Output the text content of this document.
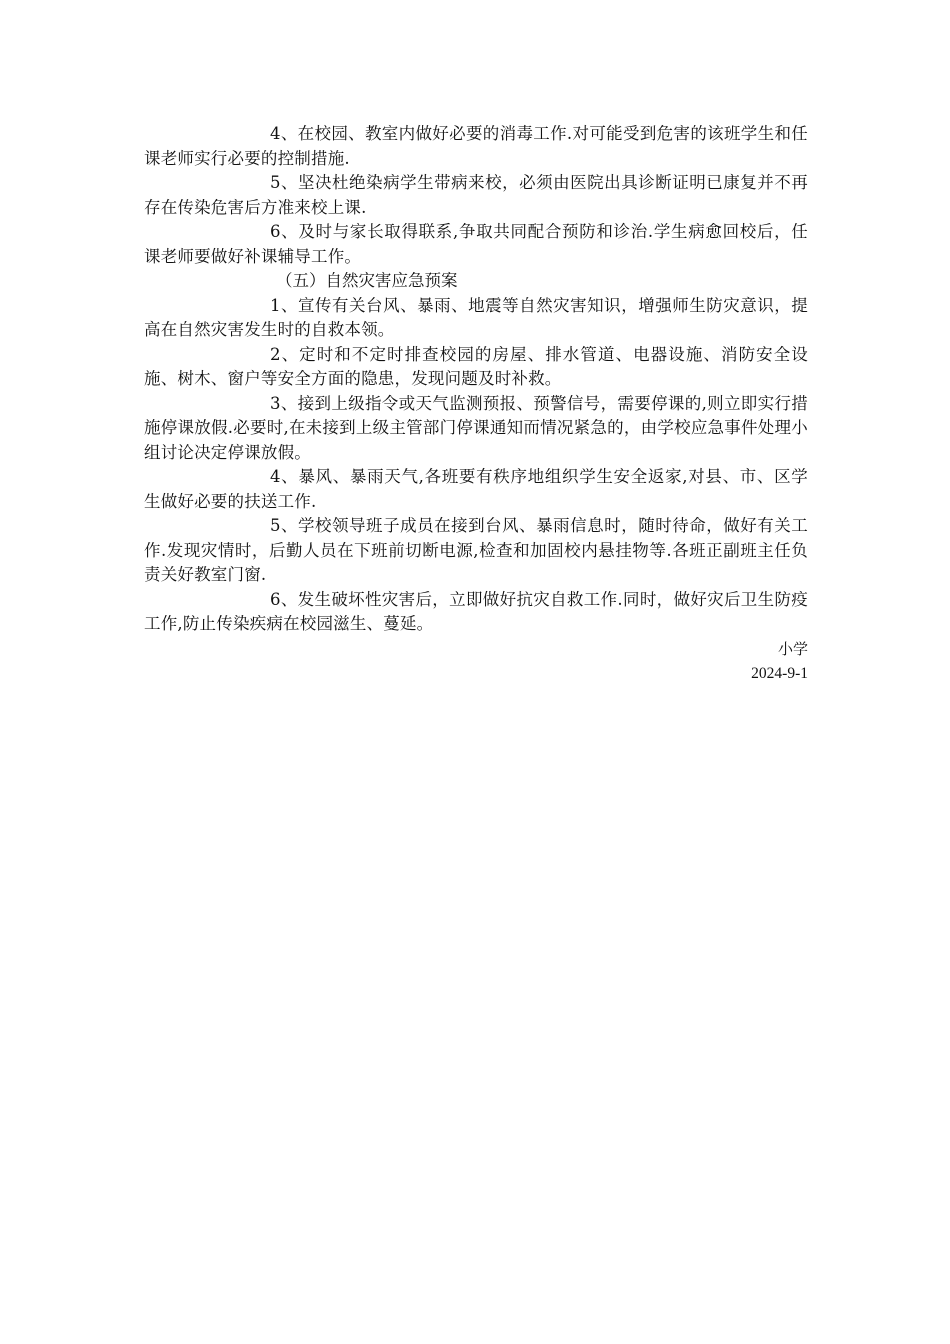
4、在校园、教室内做好必要的消毒工作.对可能受到危害的该班学生和任课老师实行必要的控制措施.

5、坚决杜绝染病学生带病来校，必须由医院出具诊断证明已康复并不再存在传染危害后方准来校上课.

6、及时与家长取得联系,争取共同配合预防和诊治.学生病愈回校后，任课老师要做好补课辅导工作。

（五）自然灾害应急预案

1、宣传有关台风、暴雨、地震等自然灾害知识，增强师生防灾意识，提高在自然灾害发生时的自救本领。

2、定时和不定时排查校园的房屋、排水管道、电器设施、消防安全设施、树木、窗户等安全方面的隐患，发现问题及时补救。

3、接到上级指令或天气监测预报、预警信号，需要停课的,则立即实行措施停课放假.必要时,在未接到上级主管部门停课通知而情况紧急的，由学校应急事件处理小组讨论决定停课放假。

4、暴风、暴雨天气,各班要有秩序地组织学生安全返家,对县、市、区学生做好必要的扶送工作.

5、学校领导班子成员在接到台风、暴雨信息时，随时待命，做好有关工作.发现灾情时，后勤人员在下班前切断电源,检查和加固校内悬挂物等.各班正副班主任负责关好教室门窗.

6、发生破坏性灾害后，立即做好抗灾自救工作.同时，做好灾后卫生防疫工作,防止传染疾病在校园滋生、蔓延。

小学

2024-9-1
